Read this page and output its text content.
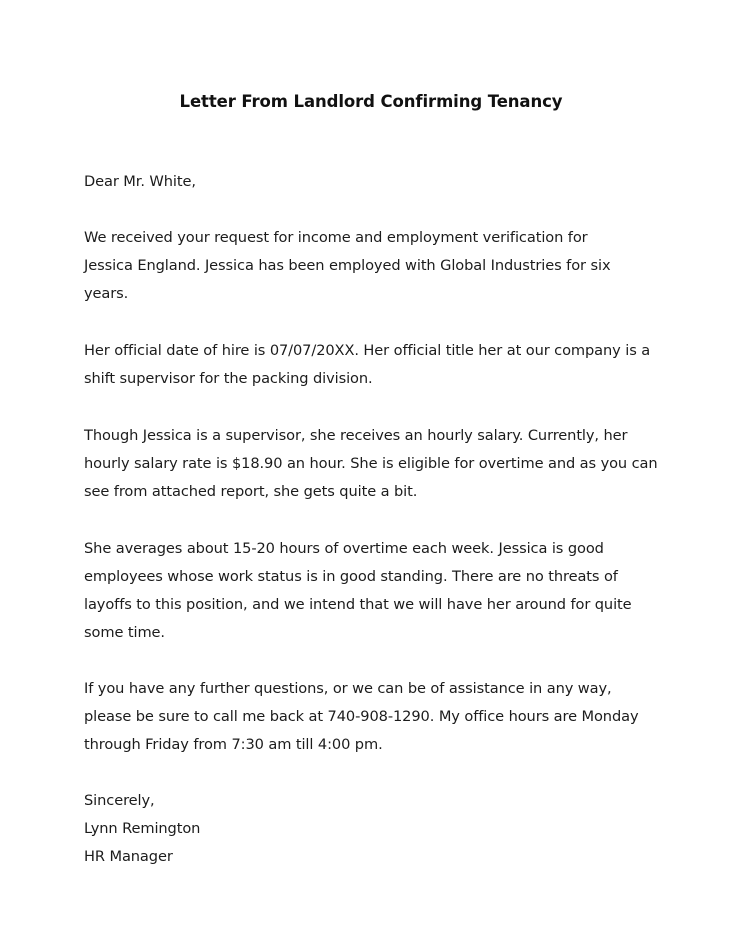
Letter From Landlord Confirming Tenancy
Dear Mr. White,
We received your request for income and employment verification for
Jessica England. Jessica has been employed with Global Industries for six
years.
Her official date of hire is 07/07/20XX. Her official title her at our company is a
shift supervisor for the packing division.
Though Jessica is a supervisor, she receives an hourly salary. Currently, her
hourly salary rate is $18.90 an hour. She is eligible for overtime and as you can
see from attached report, she gets quite a bit.
She averages about 15-20 hours of overtime each week. Jessica is good
employees whose work status is in good standing. There are no threats of
layoffs to this position, and we intend that we will have her around for quite
some time.
If you have any further questions, or we can be of assistance in any way,
please be sure to call me back at 740-908-1290. My office hours are Monday
through Friday from 7:30 am till 4:00 pm.
Sincerely,
Lynn Remington
HR Manager
